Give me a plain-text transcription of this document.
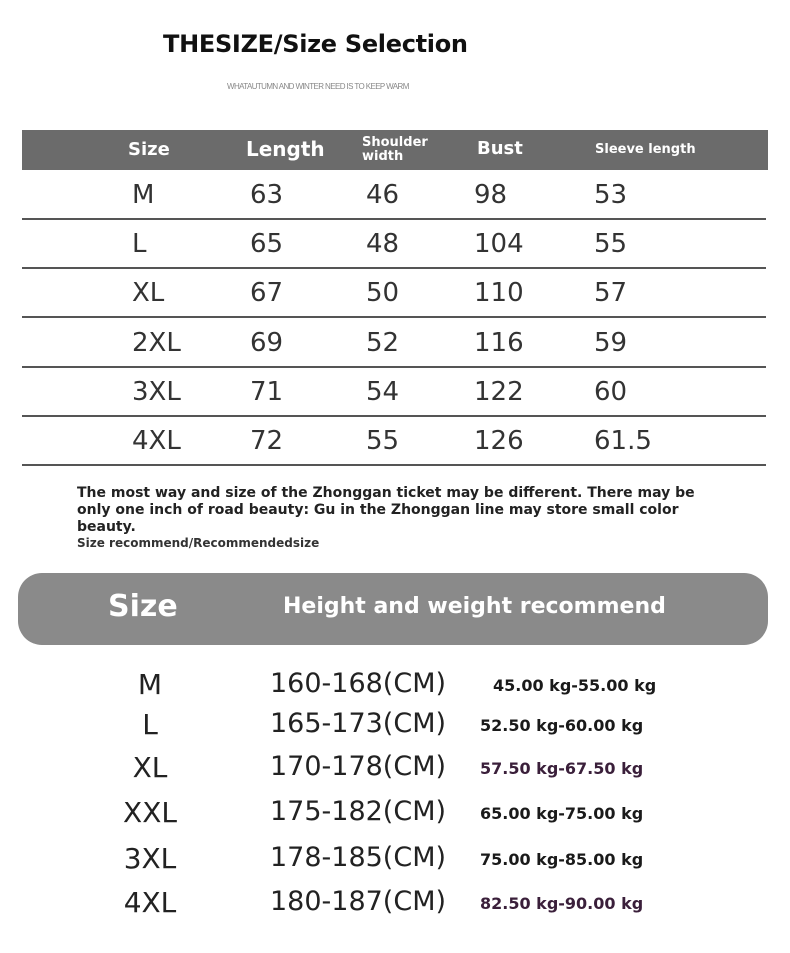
THESIZE/Size Selection
WHATAUTUMN AND WINTER NEED IS TO KEEP WARM
Size	Length	Shoulder width	Bust	Sleeve length
M	63	46	98	53
L	65	48	104	55
XL	67	50	110	57
2XL	69	52	116	59
3XL	71	54	122	60
4XL	72	55	126	61.5
The most way and size of the Zhonggan ticket may be different. There may be only one inch of road beauty: Gu in the Zhonggan line may store small color beauty.
Size recommend/Recommendedsize
Size	Height and weight recommend
M	160-168(CM)	45.00 kg-55.00 kg
L	165-173(CM) 52.50 kg-60.00 kg
XL	170-178(CM) 57.50 kg-67.50 kg
XXL	175-182(CM) 65.00 kg-75.00 kg
3XL	178-185(CM) 75.00 kg-85.00 kg
4XL	180-187(CM) 82.50 kg-90.00 kg
